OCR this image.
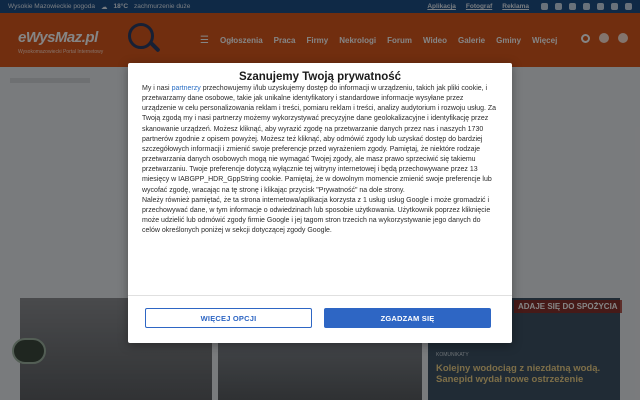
Wysokie Mazowieckie pogoda ☁ 18°C zachmurzenie duże	Aplikacja Fotograf Reklama
eWysMaz.pl
Wysokomazowiecki Portal Internetowy
☰ Ogłoszenia Praca Firmy Nekrologi Forum Wideo Galerie Gminy Więcej
ADAJE SIĘ DO SPOŻYCIA
KOMUNIKATY
Kolejny wodociąg z niezdatną wodą. Sanepid wydał nowe ostrzeżenie
Szanujemy Twoją prywatność

My i nasi partnerzy przechowujemy i/lub uzyskujemy dostęp do informacji w urządzeniu, takich jak pliki cookie, i przetwarzamy dane osobowe, takie jak unikalne identyfikatory i standardowe informacje wysyłane przez urządzenie w celu personalizowania reklam i treści, pomiaru reklam i treści, analizy audytorium i rozwoju usług. Za Twoją zgodą my i nasi partnerzy możemy wykorzystywać precyzyjne dane geolokalizacyjne i identyfikację przez skanowanie urządzeń. Możesz kliknąć, aby wyrazić zgodę na przetwarzanie danych przez nas i naszych 1730 partnerów zgodnie z opisem powyżej. Możesz też kliknąć, aby odmówić zgody lub uzyskać dostęp do bardziej szczegółowych informacji i zmienić swoje preferencje przed wyrażeniem zgody. Pamiętaj, że niektóre rodzaje przetwarzania danych osobowych mogą nie wymagać Twojej zgody, ale masz prawo sprzeciwić się takiemu przetwarzaniu. Twoje preferencje dotyczą wyłącznie tej witryny internetowej i będą przechowywane przez 13 miesięcy w IABGPP_HDR_GppString cookie. Pamiętaj, że w dowolnym momencie zmienić swoje preferencje lub wycofać zgodę, wracając na tę stronę i klikając przycisk "Prywatność" na dole strony.

Należy również pamiętać, że ta strona internetowa/aplikacja korzysta z 1 usług usług Google i może gromadzić i przechowywać dane, w tym informacje o odwiedzinach lub sposobie użytkowania. Użytkownik poprzez kliknięcie może udzielić lub odmówić zgody firmie Google i jej tagom stron trzecich na wykorzystywanie jego danych do celów określonych poniżej w sekcji dotyczącej zgody Google.

WIĘCEJ OPCJI	ZGADZAM SIĘ
